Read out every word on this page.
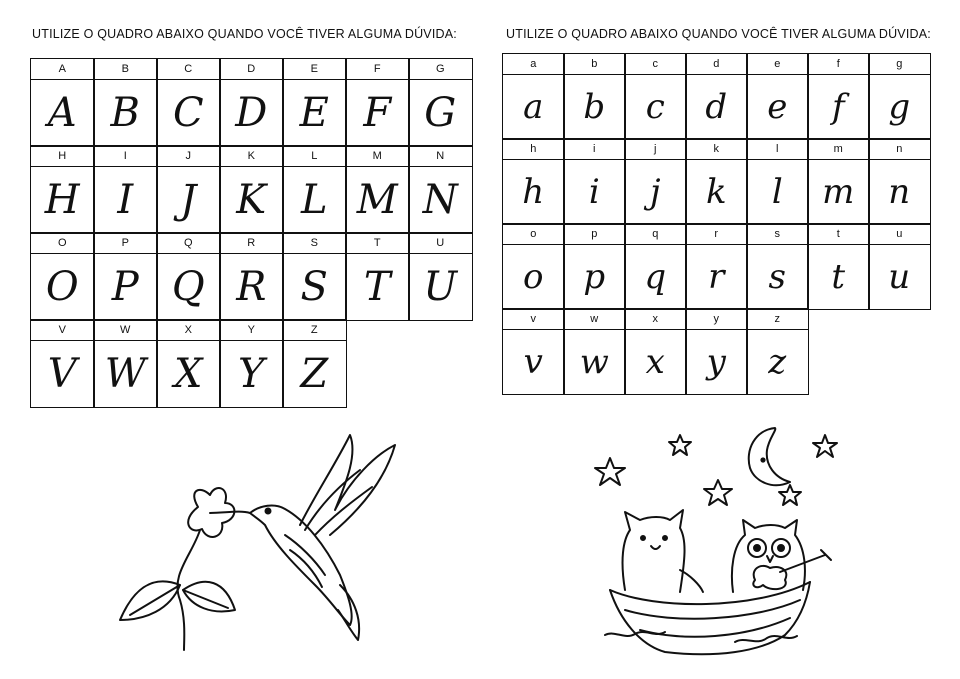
UTILIZE O QUADRO ABAIXO QUANDO VOCÊ TIVER ALGUMA DÚVIDA:	UTILIZE O QUADRO ABAIXO QUANDO VOCÊ TIVER ALGUMA DÚVIDA:
A	B	C	D	E	F	G
A B C D E F G
H	I	J	K	L	M	N
H I	J	K L M N
O	P	Q	R	S	T	U
O P Q R S T U
V	W	X	Y	Z
V W X Y Z
a	b	c	d	e	f	g
a	b	c	d	e	f	g
h	i	j	k	l	m	n
h	i	j	k	l	m n
o	p	q	r	s	t	u
o	p	q	r	s	t	u
v	w	x	y	z
v	w	x	y	z
